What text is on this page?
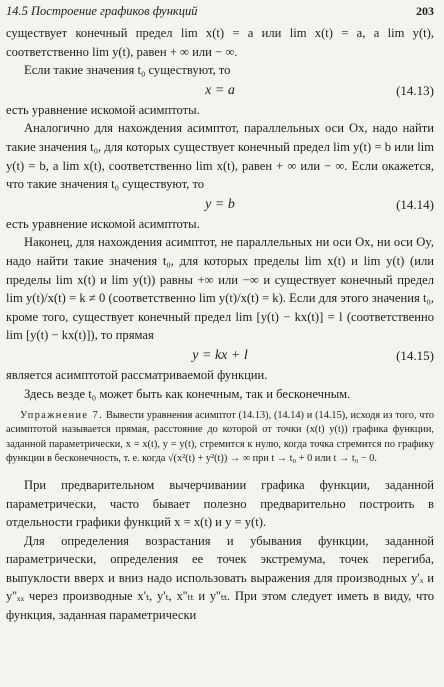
14.5 Построение графиков функций	203

существует конечный предел lim x(t) = a или lim x(t) = a, а lim y(t), соответственно lim y(t), равен + ∞ или − ∞.

Если такие значения t₀ существуют, то

x = a	(14.13)

есть уравнение искомой асимптоты.

Аналогично для нахождения асимптот, параллельных оси Ox, надо найти такие значения t₀, для которых существует конечный предел lim y(t) = b или lim y(t) = b, а lim x(t), соответственно lim x(t), равен + ∞ или − ∞. Если окажется, что такие значения t₀ существуют, то

y = b	(14.14)

есть уравнение искомой асимптоты.

Наконец, для нахождения асимптот, не параллельных ни оси Ox, ни оси Oy, надо найти такие значения t₀, для которых пределы lim x(t) и lim y(t) (или пределы lim x(t) и lim y(t)) равны +∞ или −∞ и существует конечный предел lim y(t)/x(t) = k ≠ 0 (соответственно lim y(t)/x(t) = k). Если для этого значения t₀, кроме того, существует конечный предел lim [y(t) − kx(t)] = l (соответственно lim [y(t) − kx(t)]), то прямая

y = kx + l	(14.15)

является асимптотой рассматриваемой функции.

Здесь везде t₀ может быть как конечным, так и бесконечным.

Упражнение 7. Вывести уравнения асимптот (14.13), (14.14) и (14.15), исходя из того, что асимптотой называется прямая, расстояние до которой от точки (x(t) y(t)) графика функции, заданной параметрически, x = x(t), y = y(t), стремится к нулю, когда точка стремится по графику функции в бесконечность, т. е. когда √(x²(t) + y²(t)) → ∞ при t → t₀ + 0 или t → t₀ − 0.

При предварительном вычерчивании графика функции, заданной параметрически, часто бывает полезно предварительно построить в отдельности графики функций x = x(t) и y = y(t).

Для определения возрастания и убывания функции, заданной параметрически, определения ее точек экстремума, точек перегиба, выпуклости вверх и вниз надо использовать выражения для производных y'ₓ и y''ₓₓ через производные x'ₜ, y'ₜ, x''ₜₜ и y''ₜₜ. При этом следует иметь в виду, что функция, заданная параметрически
